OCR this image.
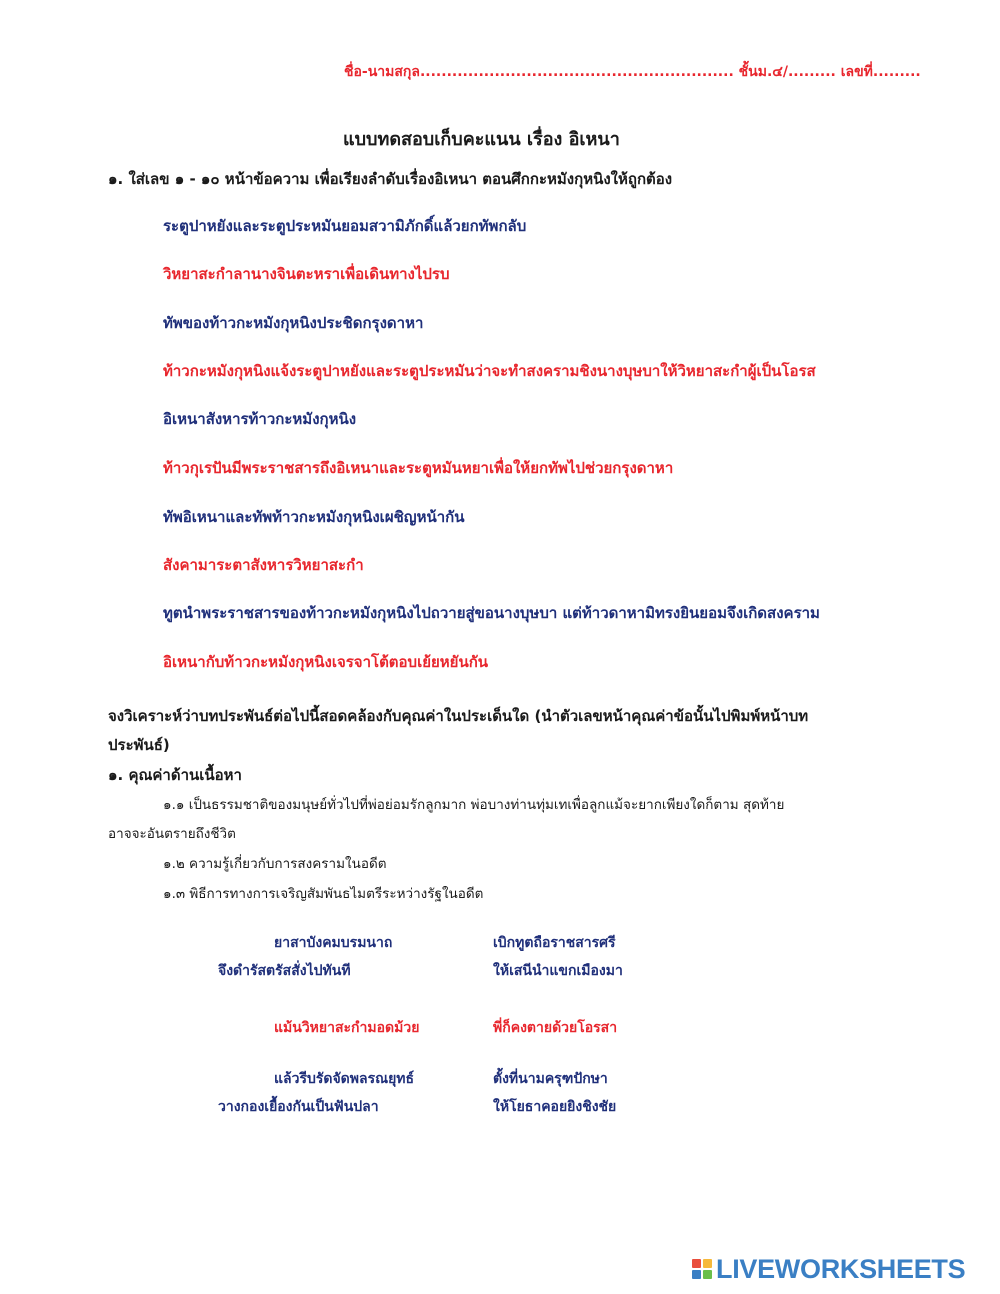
ชื่อ-นามสกุล........................................................... ชั้นม.๔/......... เลขที่.........
แบบทดสอบเก็บคะแนน เรื่อง อิเหนา
๑. ใส่เลข ๑ - ๑๐ หน้าข้อความ เพื่อเรียงลำดับเรื่องอิเหนา ตอนศึกกะหมังกุหนิงให้ถูกต้อง
ระตูปาหยังและระตูประหมันยอมสวามิภักดิ์แล้วยกทัพกลับ
วิหยาสะกำลานางจินตะหราเพื่อเดินทางไปรบ
ทัพของท้าวกะหมังกุหนิงประชิดกรุงดาหา
ท้าวกะหมังกุหนิงแจ้งระตูปาหยังและระตูประหมันว่าจะทำสงครามชิงนางบุษบาให้วิหยาสะกำผู้เป็นโอรส
อิเหนาสังหารท้าวกะหมังกุหนิง
ท้าวกุเรปันมีพระราชสารถึงอิเหนาและระตูหมันหยาเพื่อให้ยกทัพไปช่วยกรุงดาหา
ทัพอิเหนาและทัพท้าวกะหมังกุหนิงเผชิญหน้ากัน
สังคามาระตาสังหารวิหยาสะกำ
ทูตนำพระราชสารของท้าวกะหมังกุหนิงไปถวายสู่ขอนางบุษบา แต่ท้าวดาหามิทรงยินยอมจึงเกิดสงคราม
อิเหนากับท้าวกะหมังกุหนิงเจรจาโต้ตอบเย้ยหยันกัน
จงวิเคราะห์ว่าบทประพันธ์ต่อไปนี้สอดคล้องกับคุณค่าในประเด็นใด (นำตัวเลขหน้าคุณค่าข้อนั้นไปพิมพ์หน้าบท
ประพันธ์)
๑. คุณค่าด้านเนื้อหา
๑.๑ เป็นธรรมชาติของมนุษย์ทั่วไปที่พ่อย่อมรักลูกมาก พ่อบางท่านทุ่มเทเพื่อลูกแม้จะยากเพียงใดก็ตาม สุดท้าย
อาจจะอันตรายถึงชีวิต
๑.๒ ความรู้เกี่ยวกับการสงครามในอดีต
๑.๓ พิธีการทางการเจริญสัมพันธไมตรีระหว่างรัฐในอดีต
ยาสาบังคมบรมนาถ	เบิกทูตถือราชสารศรี
จึงดำรัสตรัสสั่งไปทันที	ให้เสนีนำแขกเมืองมา
แม้นวิหยาสะกำมอดม้วย	พี่ก็คงตายด้วยโอรสา
แล้วรีบรัดจัดพลรณยุทธ์	ตั้งที่นามครุฑปักษา
วางกองเยื้องกันเป็นฟันปลา	ให้โยธาคอยยิงชิงชัย
LIVEWORKSHEETS
